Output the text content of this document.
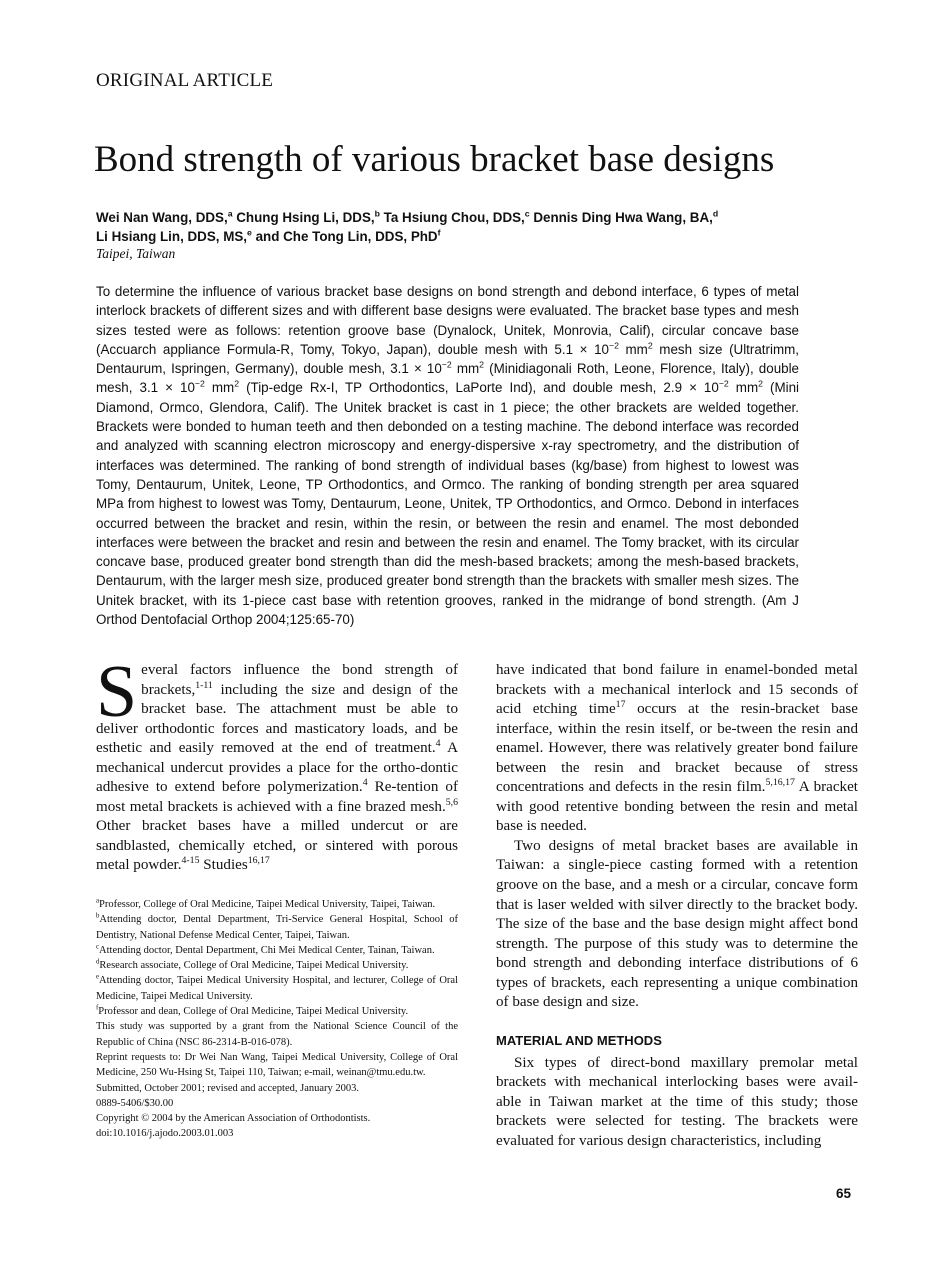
ORIGINAL ARTICLE
Bond strength of various bracket base designs
Wei Nan Wang, DDS,$^a$ Chung Hsing Li, DDS,$^b$ Ta Hsiung Chou, DDS,$^c$ Dennis Ding Hwa Wang, BA,$^d$
Li Hsiang Lin, DDS, MS,$^e$ and Che Tong Lin, DDS, PhD$^f$
Taipei, Taiwan
To determine the influence of various bracket base designs on bond strength and debond interface, 6 types of metal interlock brackets of different sizes and with different base designs were evaluated. The bracket base types and mesh sizes tested were as follows: retention groove base (Dynalock, Unitek, Monrovia, Calif), circular concave base (Accuarch appliance Formula-R, Tomy, Tokyo, Japan), double mesh with $5.1 \times 10^{-2}$ $mm^2$ mesh size (Ultratrimm, Dentaurum, Ispringen, Germany), double mesh, $3.1 \times 10^{-2}$ $mm^2$ (Minidiagonali Roth, Leone, Florence, Italy), double mesh, $3.1 \times 10^{-2}$ $mm^2$ (Tip-edge Rx-I, TP Orthodontics, LaPorte Ind), and double mesh, $2.9 \times 10^{-2}$ $mm^2$ (Mini Diamond, Ormco, Glendora, Calif). The Unitek bracket is cast in 1 piece; the other brackets are welded together. Brackets were bonded to human teeth and then debonded on a testing machine. The debond interface was recorded and analyzed with scanning electron microscopy and energy-dispersive x-ray spectrometry, and the distribution of interfaces was determined. The ranking of bond strength of individual bases (kg/base) from highest to lowest was Tomy, Dentaurum, Unitek, Leone, TP Orthodontics, and Ormco. The ranking of bonding strength per area squared MPa from highest to lowest was Tomy, Dentaurum, Leone, Unitek, TP Orthodontics, and Ormco. Debond in interfaces occurred between the bracket and resin, within the resin, or between the resin and enamel. The most debonded interfaces were between the bracket and resin and between the resin and enamel. The Tomy bracket, with its circular concave base, produced greater bond strength than did the mesh-based brackets; among the mesh-based brackets, Dentaurum, with the larger mesh size, produced greater bond strength than the brackets with smaller mesh sizes. The Unitek bracket, with its 1-piece cast base with retention grooves, ranked in the midrange of bond strength. (Am J Orthod Dentofacial Orthop 2004;125:65-70)

Several factors influence the bond strength of brackets,$^{1-11}$ including the size and design of the bracket base. The attachment must be able to deliver orthodontic forces and masticatory loads, and be esthetic and easily removed at the end of treatment.$^4$ A mechanical undercut provides a place for the ortho-dontic adhesive to extend before polymerization.$^4$ Re-tention of most metal brackets is achieved with a fine brazed mesh.$^{5,6}$ Other bracket bases have a milled undercut or are sandblasted, chemically etched, or sintered with porous metal powder.$^{4-15}$ Studies$^{16,17}$

$^a$Professor, College of Oral Medicine, Taipei Medical University, Taipei, Taiwan.

$^b$Attending doctor, Dental Department, Tri-Service General Hospital, School of Dentistry, National Defense Medical Center, Taipei, Taiwan.

$^c$Attending doctor, Dental Department, Chi Mei Medical Center, Tainan, Taiwan.

$^d$Research associate, College of Oral Medicine, Taipei Medical University.

$^e$Attending doctor, Taipei Medical University Hospital, and lecturer, College of Oral Medicine, Taipei Medical University.

$^f$Professor and dean, College of Oral Medicine, Taipei Medical University.

This study was supported by a grant from the National Science Council of the Republic of China (NSC 86-2314-B-016-078).

Reprint requests to: Dr Wei Nan Wang, Taipei Medical University, College of Oral Medicine, 250 Wu-Hsing St, Taipei 110, Taiwan; e-mail, weinan@tmu.edu.tw.

Submitted, October 2001; revised and accepted, January 2003.

0889-5406/$30.00

Copyright © 2004 by the American Association of Orthodontists.

doi:10.1016/j.ajodo.2003.01.003

have indicated that bond failure in enamel-bonded metal brackets with a mechanical interlock and 15 seconds of acid etching time$^{17}$ occurs at the resin-bracket base interface, within the resin itself, or be-tween the resin and enamel. However, there was relatively greater bond failure between the resin and bracket because of stress concentrations and defects in the resin film.$^{5,16,17}$ A bracket with good retentive bonding between the resin and metal base is needed.

Two designs of metal bracket bases are available in Taiwan: a single-piece casting formed with a retention groove on the base, and a mesh or a circular, concave form that is laser welded with silver directly to the bracket body. The size of the base and the base design might affect bond strength. The purpose of this study was to determine the bond strength and debonding interface distributions of 6 types of brackets, each representing a unique combination of base design and size.

MATERIAL AND METHODS

Six types of direct-bond maxillary premolar metal brackets with mechanical interlocking bases were avail-able in Taiwan market at the time of this study; those brackets were selected for testing. The brackets were evaluated for various design characteristics, including

65
